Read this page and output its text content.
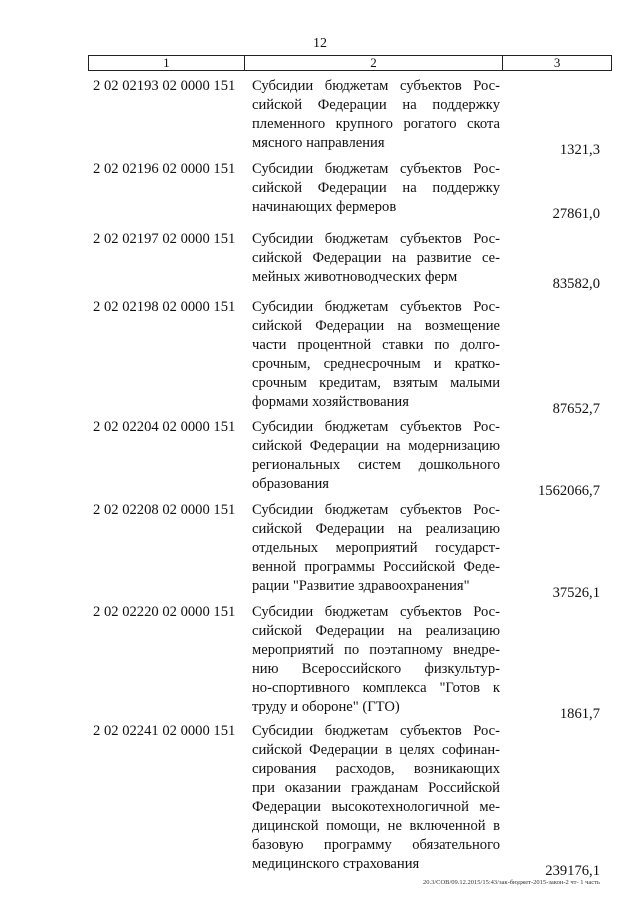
12
1	2	3
2 02 02193 02 0000 151 Субсидии бюджетам субъектов Рос-
сийской Федерации на поддержку
племенного крупного рогатого скота
мясного направления	1321,3
2 02 02196 02 0000 151 Субсидии бюджетам субъектов Рос-
сийской Федерации на поддержку
начинающих фермеров	27861,0
2 02 02197 02 0000 151 Субсидии бюджетам субъектов Рос-
сийской Федерации на развитие се-
мейных животноводческих ферм	83582,0
2 02 02198 02 0000 151 Субсидии бюджетам субъектов Рос-
сийской Федерации на возмещение
части процентной ставки по долго-
срочным, среднесрочным и кратко-
срочным кредитам, взятым малыми
формами хозяйствования	87652,7
2 02 02204 02 0000 151 Субсидии бюджетам субъектов Рос-
сийской Федерации на модернизацию
региональных систем дошкольного
образования	1562066,7
2 02 02208 02 0000 151 Субсидии бюджетам субъектов Рос-
сийской Федерации на реализацию
отдельных мероприятий государст-
венной программы Российской Феде-
рации "Развитие здравоохранения"	37526,1
2 02 02220 02 0000 151 Субсидии бюджетам субъектов Рос-
сийской Федерации на реализацию
мероприятий по поэтапному внедре-
нию Всероссийского физкультур-
но-спортивного комплекса "Готов к
труду и обороне" (ГТО)	1861,7
2 02 02241 02 0000 151 Субсидии бюджетам субъектов Рос-
сийской Федерации в целях софинан-
сирования расходов, возникающих
при оказании гражданам Российской
Федерации высокотехнологичной ме-
дицинской помощи, не включенной в
базовую программу обязательного
медицинского страхования	239176,1
20.3/СОВ/09.12.2015/15:43/зак-бюджет-2015-закон-2 чт- 1 часть
